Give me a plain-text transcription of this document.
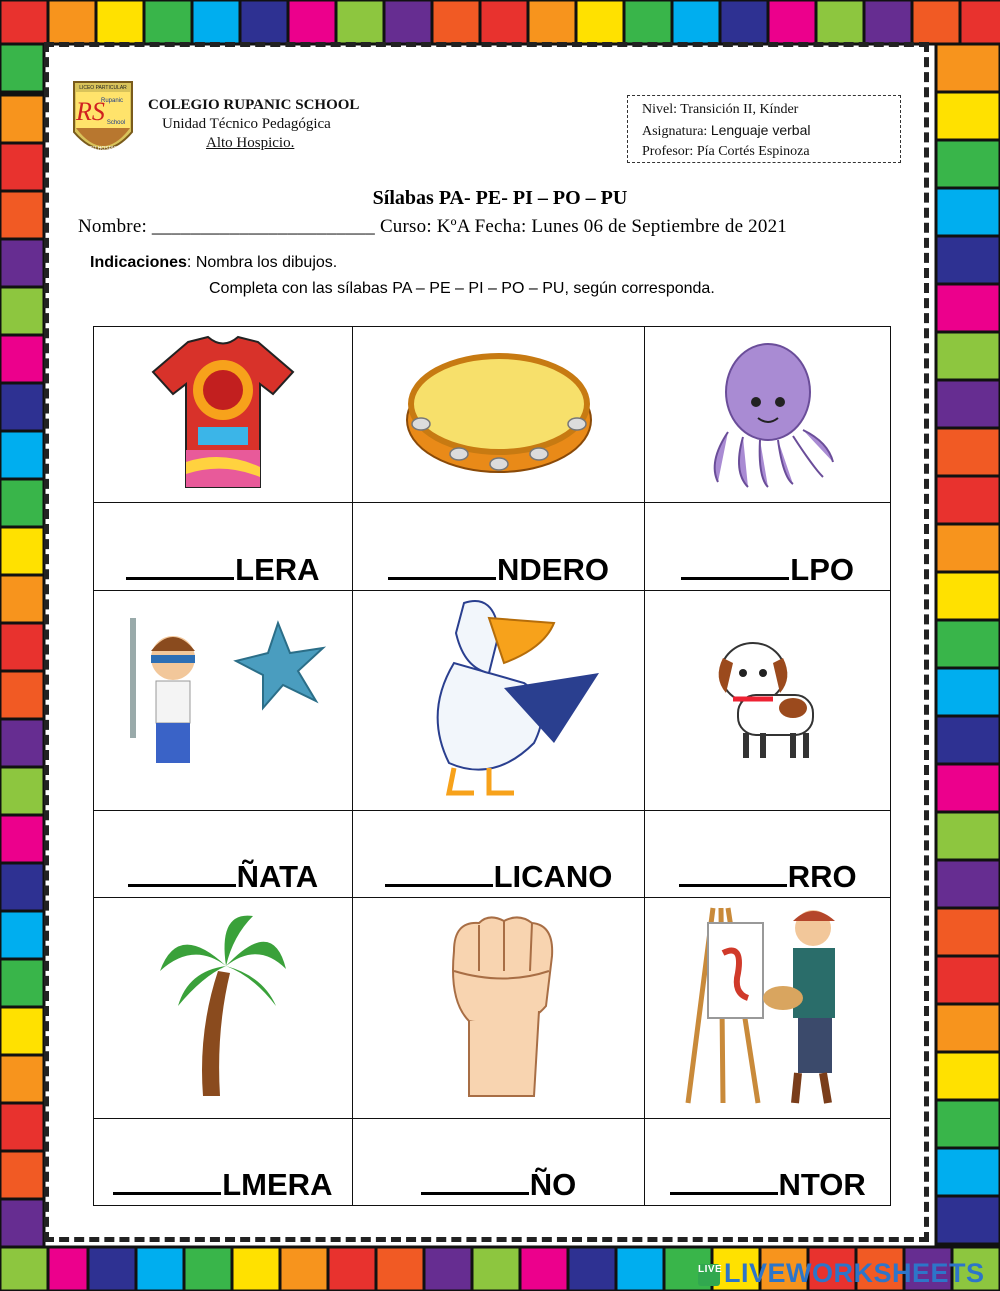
LICEO PARTICULAR
RS
Rupanic
School
ALTO HOSPICIO
COLEGIO RUPANIC SCHOOL
Unidad Técnico Pedagógica
Alto Hospicio.
Nivel: Transición II, Kínder
Asignatura: Lenguaje verbal
Profesor: Pía Cortés Espinoza
Sílabas PA- PE- PI – PO – PU
Nombre: _______________________ Curso: KºA Fecha: Lunes 06 de Septiembre de 2021
Indicaciones: Nombra los dibujos.
Completa con las sílabas PA – PE – PI – PO – PU, según corresponda.

LERA	NDERO	LPO

ÑATA	LICANO	RRO

LMERA	ÑO	NTOR
LIVELIVEWORKSHEETS
